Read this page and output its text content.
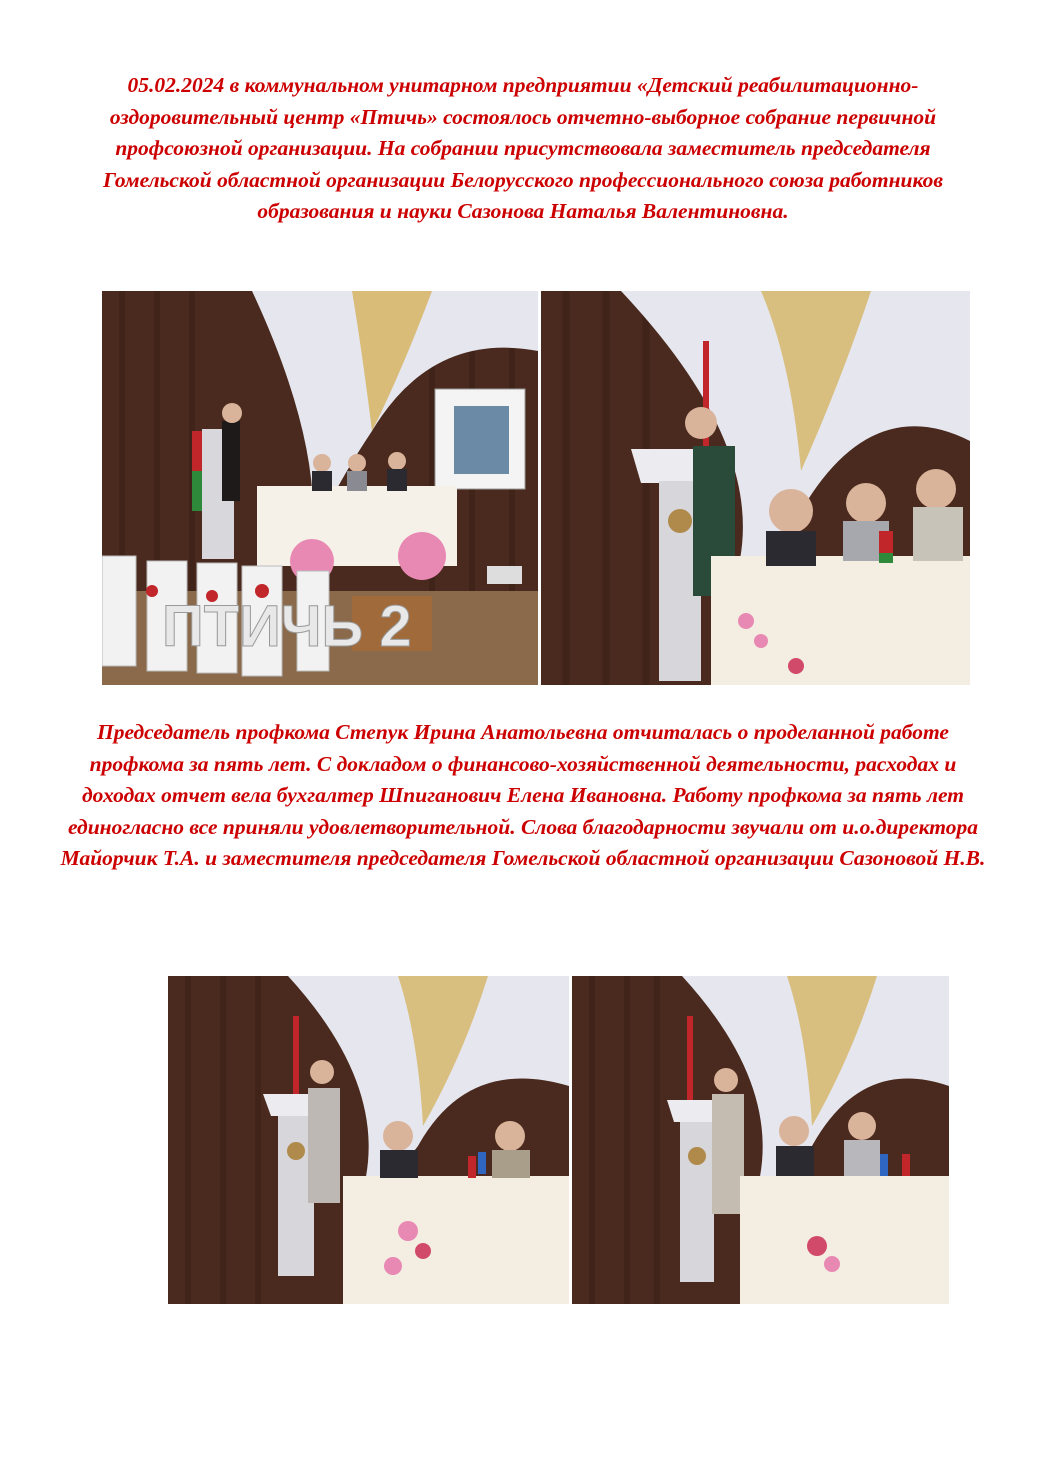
05.02.2024 в коммунальном унитарном предприятии «Детский реабилитационно-оздоровительный центр «Птичь» состоялось отчетно-выборное собрание первичной профсоюзной организации. На собрании присутствовала заместитель председателя Гомельской областной организации Белорусского профессионального союза работников образования и науки Сазонова Наталья Валентиновна.
ПТИЧЬ 2
Председатель профкома Степук Ирина Анатольевна отчиталась о проделанной работе профкома за пять лет. С докладом о финансово-хозяйственной деятельности, расходах и доходах отчет вела бухгалтер Шпиганович Елена Ивановна. Работу профкома за пять лет единогласно все приняли удовлетворительной. Слова благодарности звучали от и.о.директора Майорчик Т.А. и заместителя председателя Гомельской областной организации Сазоновой Н.В.
